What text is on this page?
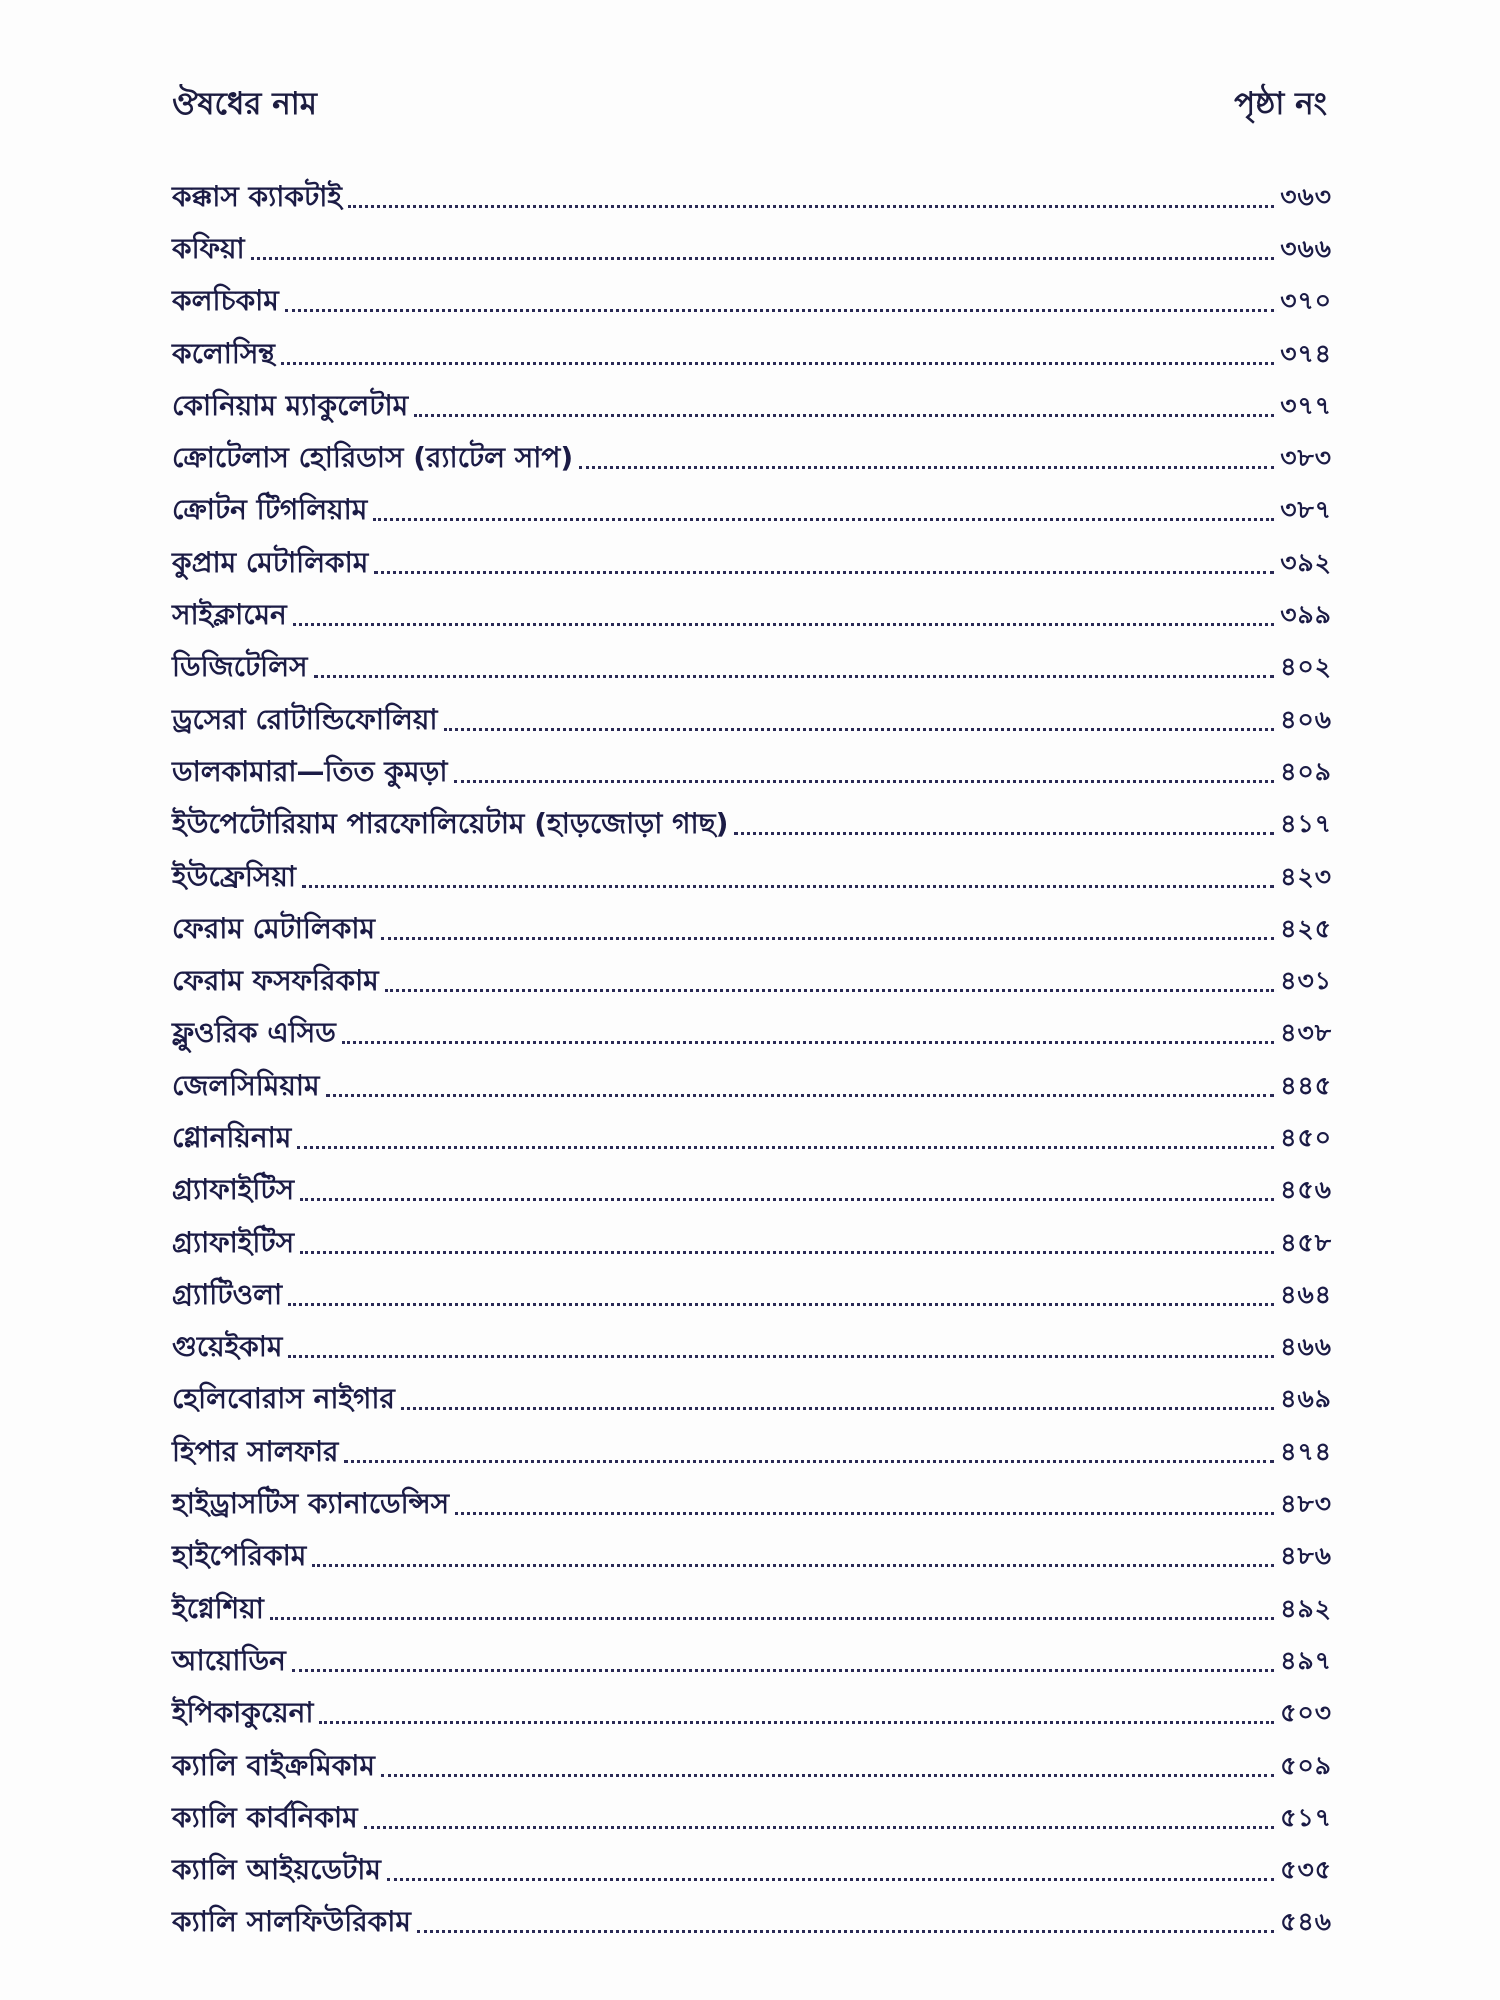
ঔষধের নাম	পৃষ্ঠা নং
কক্কাস ক্যাকটাই	৩৬৩
কফিয়া	৩৬৬
কলচিকাম	৩৭০
কলোসিন্থ	৩৭৪
কোনিয়াম ম্যাকুলেটাম	৩৭৭
ক্রোটেলাস হোরিডাস (র‍্যাটেল সাপ)	৩৮৩
ক্রোটন টিগলিয়াম	৩৮৭
কুপ্রাম মেটালিকাম	৩৯২
সাইক্লামেন	৩৯৯
ডিজিটেলিস	৪০২
ড্রসেরা রোটান্ডিফোলিয়া	৪০৬
ডালকামারা—তিত কুমড়া	৪০৯
ইউপেটোরিয়াম পারফোলিয়েটাম (হাড়জোড়া গাছ)	৪১৭
ইউফ্রেসিয়া	৪২৩
ফেরাম মেটালিকাম	৪২৫
ফেরাম ফসফরিকাম	৪৩১
ফ্লুওরিক এসিড	৪৩৮
জেলসিমিয়াম	৪৪৫
গ্লোনয়িনাম	৪৫০
গ্র্যাফাইটিস	৪৫৬
গ্র্যাফাইটিস	৪৫৮
গ্র্যাটিওলা	৪৬৪
গুয়েইকাম	৪৬৬
হেলিবোরাস নাইগার	৪৬৯
হিপার সালফার	৪৭৪
হাইড্রাসটিস ক্যানাডেন্সিস	৪৮৩
হাইপেরিকাম	৪৮৬
ইগ্নেশিয়া	৪৯২
আয়োডিন	৪৯৭
ইপিকাকুয়েনা	৫০৩
ক্যালি বাইক্রমিকাম	৫০৯
ক্যালি কার্বনিকাম	৫১৭
ক্যালি আইয়ডেটাম	৫৩৫
ক্যালি সালফিউরিকাম	৫৪৬
